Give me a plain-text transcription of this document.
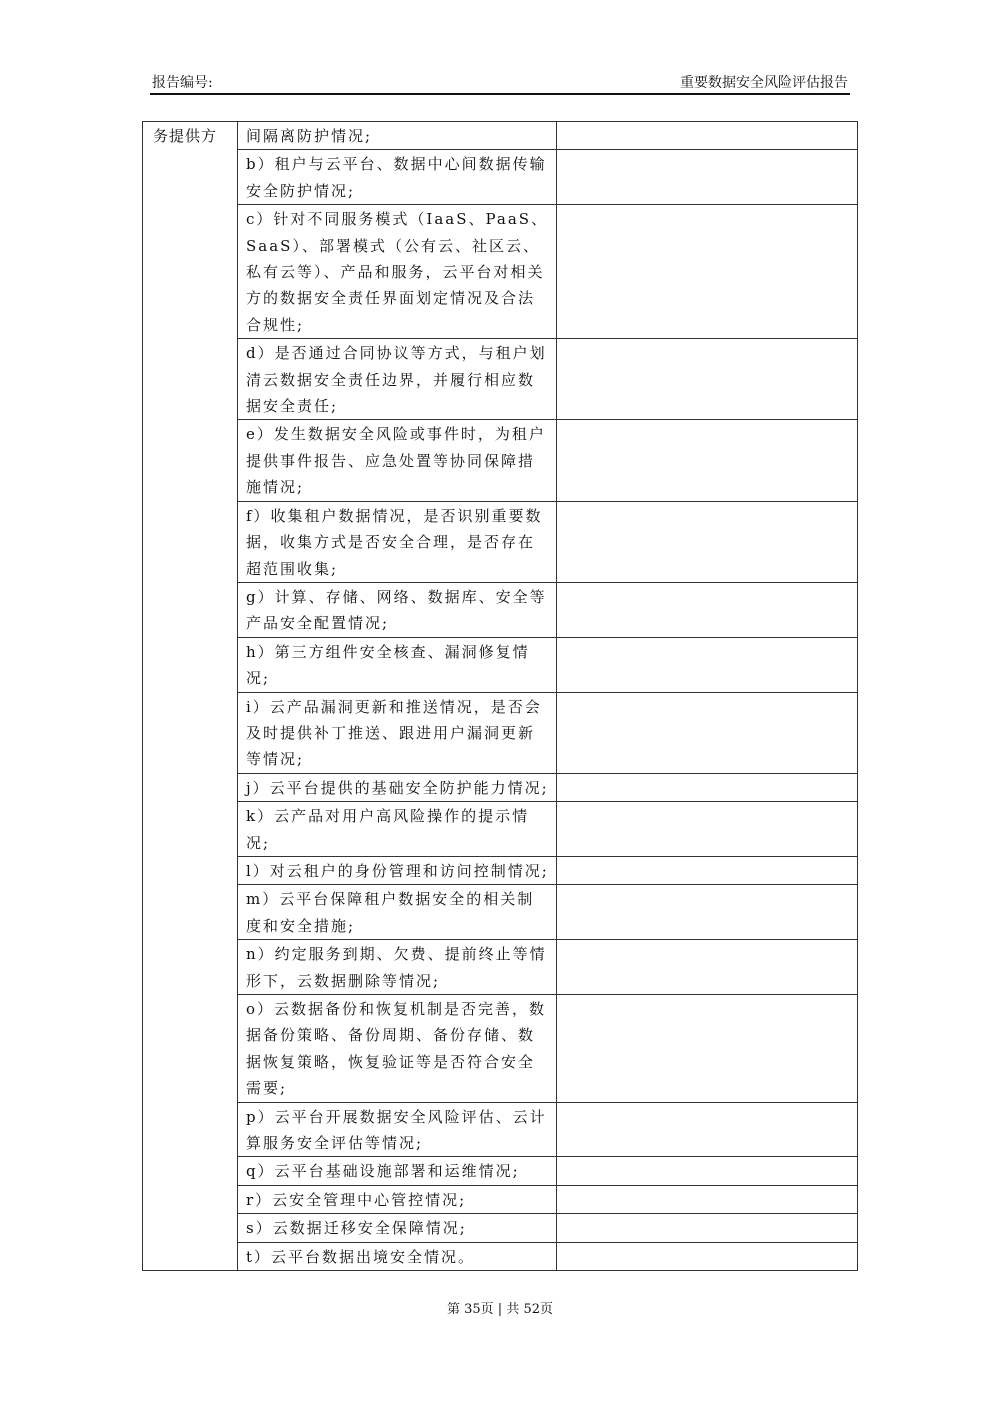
报告编号:	重要数据安全风险评估报告
务提供方	间隔离防护情况;	
	b）租户与云平台、数据中心间数据传输安全防护情况;	
	c）针对不同服务模式（IaaS、PaaS、SaaS）、部署模式（公有云、社区云、私有云等）、产品和服务，云平台对相关方的数据安全责任界面划定情况及合法合规性;	
	d）是否通过合同协议等方式，与租户划清云数据安全责任边界，并履行相应数据安全责任;	
	e）发生数据安全风险或事件时，为租户提供事件报告、应急处置等协同保障措施情况;	
	f）收集租户数据情况，是否识别重要数据，收集方式是否安全合理，是否存在超范围收集;	
	g）计算、存储、网络、数据库、安全等产品安全配置情况;	
	h）第三方组件安全核查、漏洞修复情况;	
	i）云产品漏洞更新和推送情况，是否会及时提供补丁推送、跟进用户漏洞更新等情况;	
	j）云平台提供的基础安全防护能力情况;	
	k）云产品对用户高风险操作的提示情况;	
	l）对云租户的身份管理和访问控制情况;	
	m）云平台保障租户数据安全的相关制度和安全措施;	
	n）约定服务到期、欠费、提前终止等情形下，云数据删除等情况;	
	o）云数据备份和恢复机制是否完善，数据备份策略、备份周期、备份存储、数据恢复策略，恢复验证等是否符合安全需要;	
	p）云平台开展数据安全风险评估、云计算服务安全评估等情况;	
	q）云平台基础设施部署和运维情况;	
	r）云安全管理中心管控情况;	
	s）云数据迁移安全保障情况;	
	t）云平台数据出境安全情况。	
第 35页 | 共 52页
